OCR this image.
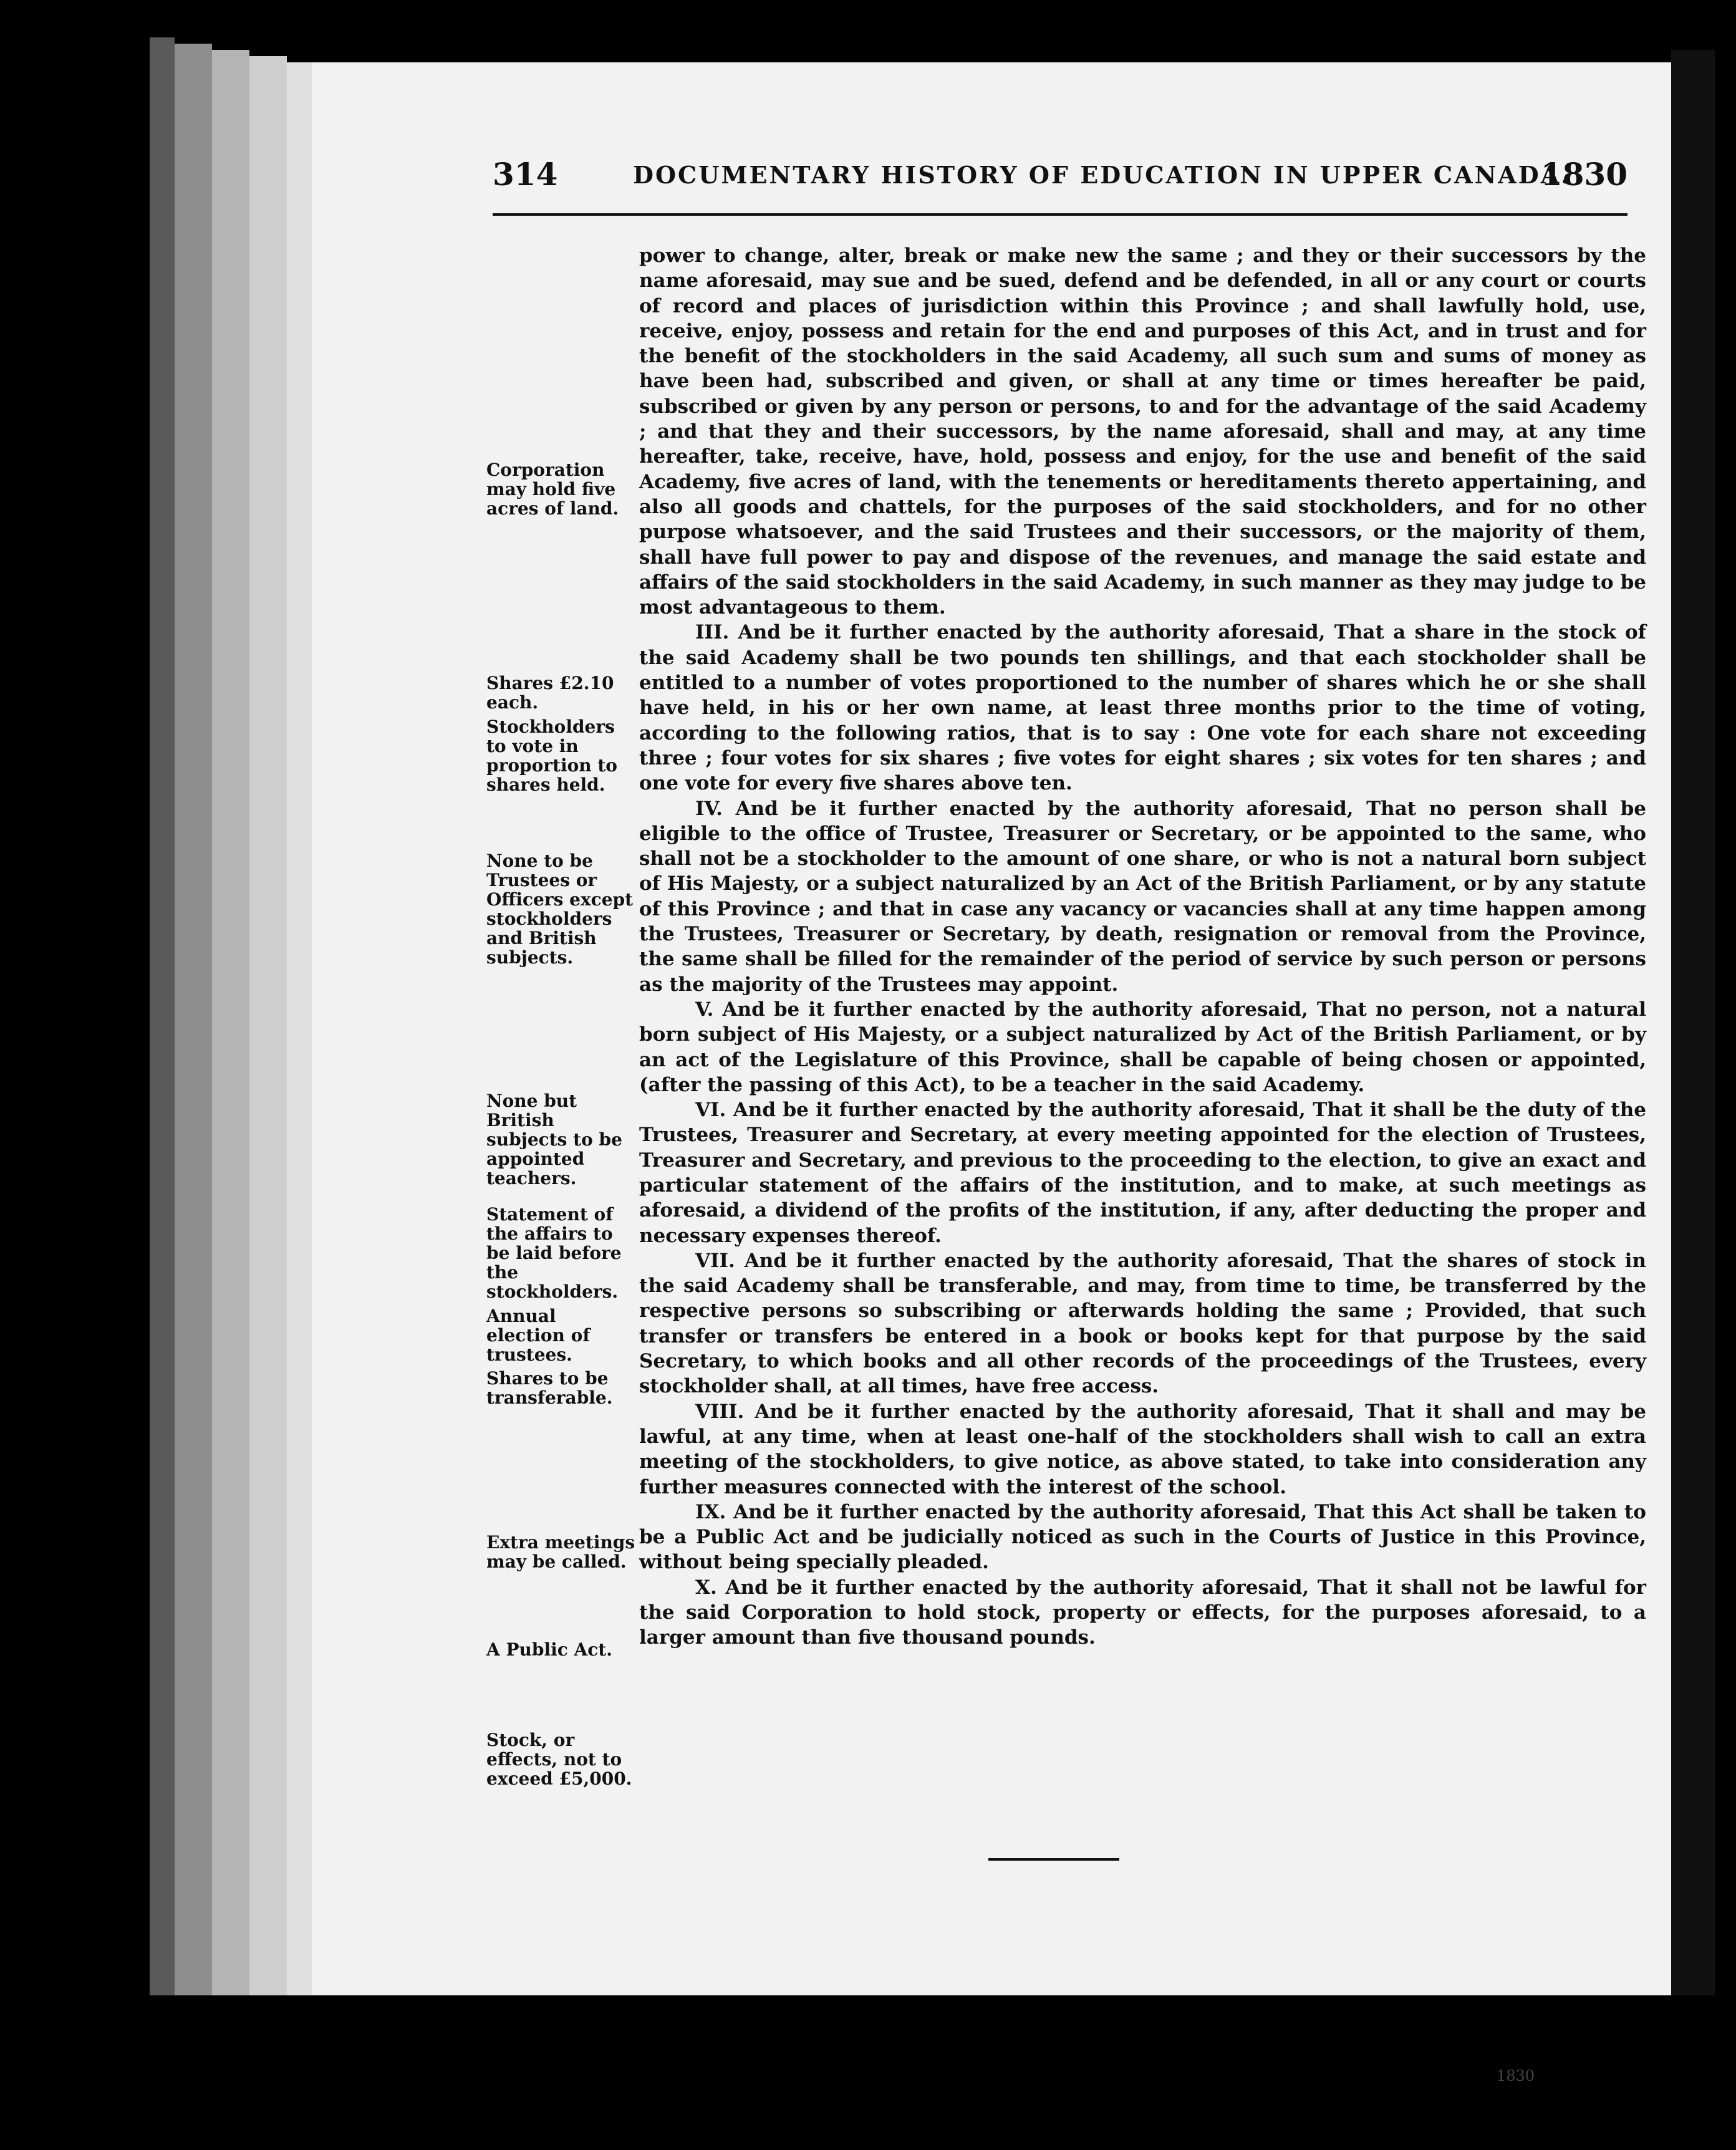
314	DOCUMENTARY HISTORY OF EDUCATION IN UPPER CANADA.
1830
Corporation may hold five acres of land.
Shares £2.10 each.
Stockholders to vote in proportion to shares held.
None to be Trustees or Officers except stockholders and British subjects.
None but British subjects to be appointed teachers.
Statement of the affairs to be laid before the stockholders.
Annual election of trustees.
Shares to be transferable.
Extra meetings may be called.
A Public Act.
Stock, or effects, not to exceed £5,000.

power to change, alter, break or make new the same ; and they or their successors by the name aforesaid, may sue and be sued, defend and be defended, in all or any court or courts of record and places of jurisdiction within this Province ; and shall lawfully hold, use, receive, enjoy, possess and retain for the end and purposes of this Act, and in trust and for the benefit of the stockholders in the said Academy, all such sum and sums of money as have been had, subscribed and given, or shall at any time or times hereafter be paid, subscribed or given by any person or persons, to and for the advantage of the said Academy ; and that they and their successors, by the name aforesaid, shall and may, at any time hereafter, take, receive, have, hold, possess and enjoy, for the use and benefit of the said Academy, five acres of land, with the tenements or hereditaments thereto appertaining, and also all goods and chattels, for the purposes of the said stockholders, and for no other purpose whatsoever, and the said Trustees and their successors, or the majority of them, shall have full power to pay and dispose of the revenues, and manage the said estate and affairs of the said stockholders in the said Academy, in such manner as they may judge to be most advantageous to them.

III. And be it further enacted by the authority aforesaid, That a share in the stock of the said Academy shall be two pounds ten shillings, and that each stockholder shall be entitled to a number of votes proportioned to the number of shares which he or she shall have held, in his or her own name, at least three months prior to the time of voting, according to the following ratios, that is to say : One vote for each share not exceeding three ; four votes for six shares ; five votes for eight shares ; six votes for ten shares ; and one vote for every five shares above ten.

IV. And be it further enacted by the authority aforesaid, That no person shall be eligible to the office of Trustee, Treasurer or Secretary, or be appointed to the same, who shall not be a stockholder to the amount of one share, or who is not a natural born subject of His Majesty, or a subject naturalized by an Act of the British Parliament, or by any statute of this Province ; and that in case any vacancy or vacancies shall at any time happen among the Trustees, Treasurer or Secretary, by death, resignation or removal from the Province, the same shall be filled for the remainder of the period of service by such person or persons as the majority of the Trustees may appoint.

V. And be it further enacted by the authority aforesaid, That no person, not a natural born subject of His Majesty, or a subject naturalized by Act of the British Parliament, or by an act of the Legislature of this Province, shall be capable of being chosen or appointed, (after the passing of this Act), to be a teacher in the said Academy.

VI. And be it further enacted by the authority aforesaid, That it shall be the duty of the Trustees, Treasurer and Secretary, at every meeting appointed for the election of Trustees, Treasurer and Secretary, and previous to the proceeding to the election, to give an exact and particular statement of the affairs of the institution, and to make, at such meetings as aforesaid, a dividend of the profits of the institution, if any, after deducting the proper and necessary expenses thereof.

VII. And be it further enacted by the authority aforesaid, That the shares of stock in the said Academy shall be transferable, and may, from time to time, be transferred by the respective persons so subscribing or afterwards holding the same ; Provided, that such transfer or transfers be entered in a book or books kept for that purpose by the said Secretary, to which books and all other records of the proceedings of the Trustees, every stockholder shall, at all times, have free access.

VIII. And be it further enacted by the authority aforesaid, That it shall and may be lawful, at any time, when at least one-half of the stockholders shall wish to call an extra meeting of the stockholders, to give notice, as above stated, to take into consideration any further measures connected with the interest of the school.

IX. And be it further enacted by the authority aforesaid, That this Act shall be taken to be a Public Act and be judicially noticed as such in the Courts of Justice in this Province, without being specially pleaded.

X. And be it further enacted by the authority aforesaid, That it shall not be lawful for the said Corporation to hold stock, property or effects, for the purposes aforesaid, to a larger amount than five thousand pounds.

1830
